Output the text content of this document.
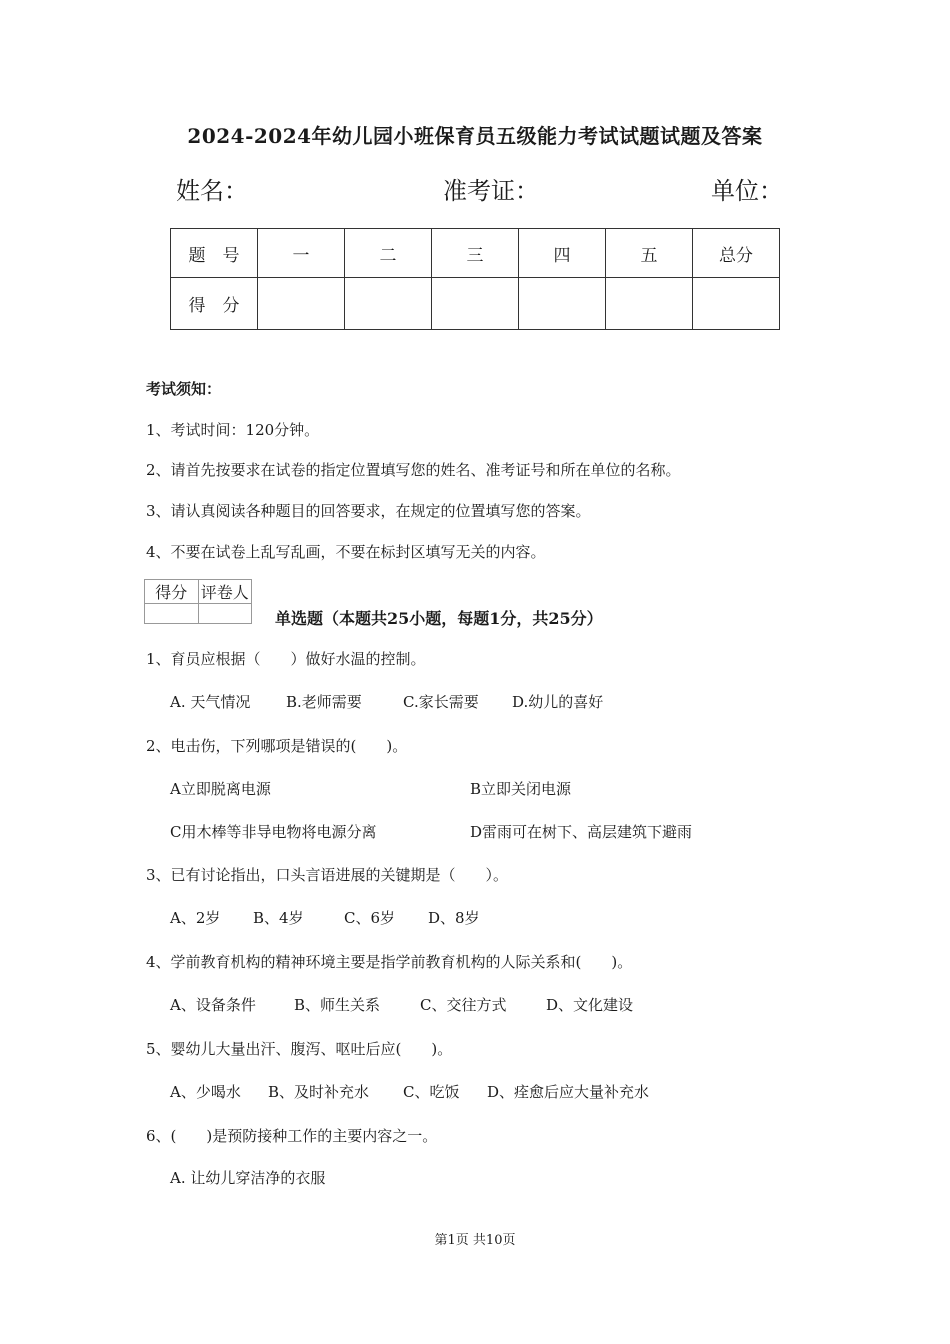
2024-2024年幼儿园小班保育员五级能力考试试题试题及答案
姓名：	准考证：	单位：
题　号	一	二	三	四	五	总分
得　分						
考试须知：
1、考试时间：120分钟。
2、请首先按要求在试卷的指定位置填写您的姓名、准考证号和所在单位的名称。
3、请认真阅读各种题目的回答要求，在规定的位置填写您的答案。
4、不要在试卷上乱写乱画，不要在标封区填写无关的内容。
得分	评卷人

单选题（本题共25小题，每题1分，共25分）
1、育员应根据（　　）做好水温的控制。
A. 天气情况 B.老师需要	C.家长需要 D.幼儿的喜好
2、电击伤，下列哪项是错误的(　　)。
A立即脱离电源	B立即关闭电源
C用木棒等非导电物将电源分离	D雷雨可在树下、高层建筑下避雨
3、已有讨论指出，口头言语进展的关键期是（　　）。
A、2岁 B、4岁	C、6岁 D、8岁
4、学前教育机构的精神环境主要是指学前教育机构的人际关系和(　　)。
A、设备条件	B、师生关系	C、交往方式	D、文化建设
5、婴幼儿大量出汗、腹泻、呕吐后应(　　)。
A、少喝水 B、及时补充水 C、吃饭 D、痊愈后应大量补充水
6、(　　)是预防接种工作的主要内容之一。
A. 让幼儿穿洁净的衣服
第1页 共10页
